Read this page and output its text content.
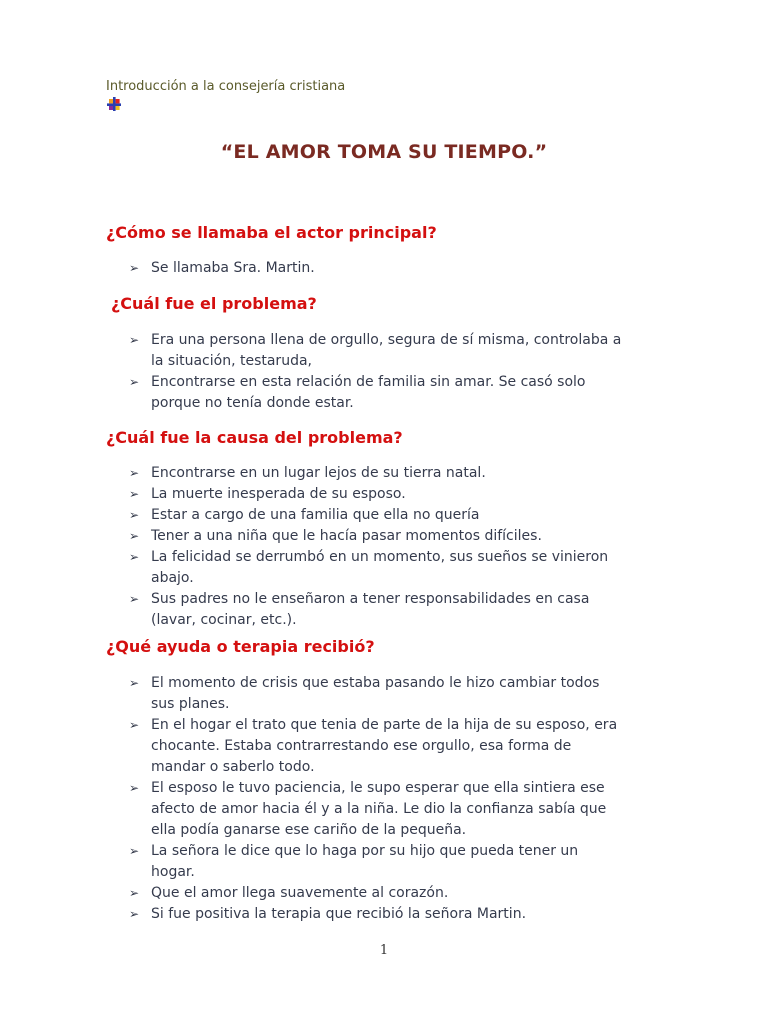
Introducción a la consejería cristiana
“EL AMOR TOMA SU TIEMPO.”
¿Cómo se llamaba el actor principal?
➢ Se llamaba Sra. Martin.
¿Cuál fue el problema?
➢ Era una persona llena de orgullo, segura de sí misma, controlaba a
la situación, testaruda,
➢ Encontrarse en esta relación de familia sin amar. Se casó solo
porque no tenía donde estar.
¿Cuál fue la causa del problema?
➢ Encontrarse en un lugar lejos de su tierra natal.
➢ La muerte inesperada de su esposo.
➢ Estar a cargo de una familia que ella no quería
➢ Tener a una niña que le hacía pasar momentos difíciles.
➢ La felicidad se derrumbó en un momento, sus sueños se vinieron
abajo.
➢ Sus padres no le enseñaron a tener responsabilidades en casa
(lavar, cocinar, etc.).
¿Qué ayuda o terapia recibió?
➢ El momento de crisis que estaba pasando le hizo cambiar todos
sus planes.
➢ En el hogar el trato que tenia de parte de la hija de su esposo, era
chocante. Estaba contrarrestando ese orgullo, esa forma de
mandar o saberlo todo.
➢ El esposo le tuvo paciencia, le supo esperar que ella sintiera ese
afecto de amor hacia él y a la niña. Le dio la confianza sabía que
ella podía ganarse ese cariño de la pequeña.
➢ La señora le dice que lo haga por su hijo que pueda tener un
hogar.
➢ Que el amor llega suavemente al corazón.
➢ Si fue positiva la terapia que recibió la señora Martin.
1
